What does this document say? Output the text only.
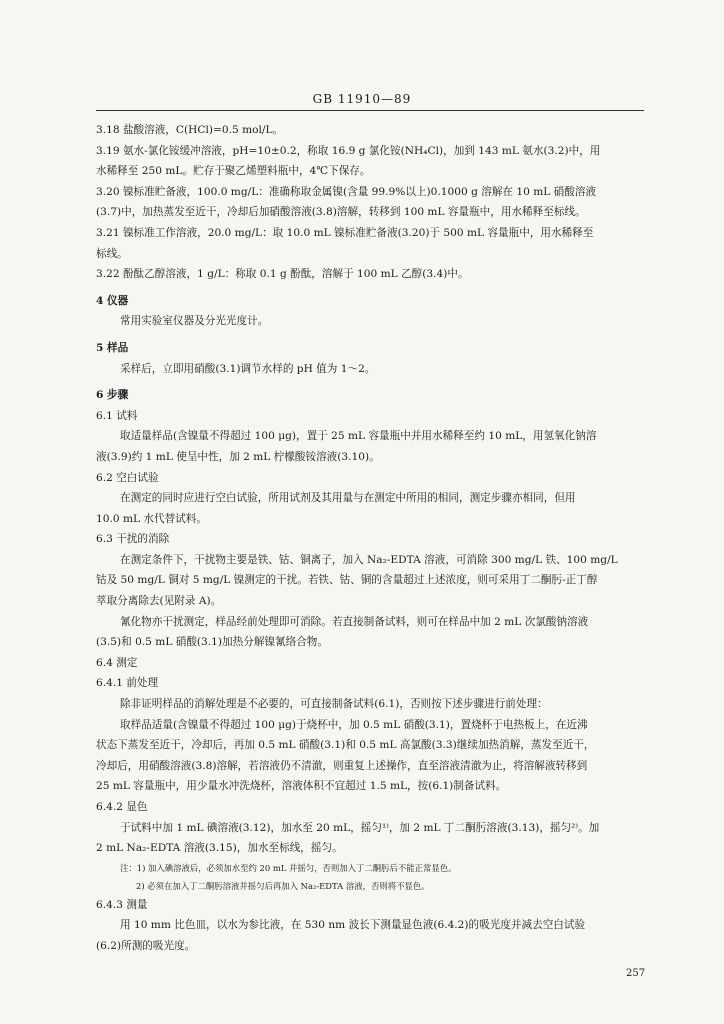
GB 11910—89
3.18 盐酸溶液，C(HCl)=0.5 mol/L。
3.19 氨水-氯化铵缓冲溶液，pH=10±0.2，称取 16.9 g 氯化铵(NH₄Cl)，加到 143 mL 氨水(3.2)中，用
水稀释至 250 mL。贮存于聚乙烯塑料瓶中，4℃下保存。
3.20 镍标准贮备液，100.0 mg/L：准确称取金属镍(含量 99.9%以上)0.1000 g 溶解在 10 mL 硝酸溶液
(3.7)中，加热蒸发至近干，冷却后加硝酸溶液(3.8)溶解，转移到 100 mL 容量瓶中，用水稀释至标线。
3.21 镍标准工作溶液，20.0 mg/L：取 10.0 mL 镍标准贮备液(3.20)于 500 mL 容量瓶中，用水稀释至
标线。
3.22 酚酞乙醇溶液，1 g/L：称取 0.1 g 酚酞，溶解于 100 mL 乙醇(3.4)中。
4 仪器
常用实验室仪器及分光光度计。
5 样品
采样后，立即用硝酸(3.1)调节水样的 pH 值为 1～2。
6 步骤
6.1 试料
取适量样品(含镍量不得超过 100 μg)，置于 25 mL 容量瓶中并用水稀释至约 10 mL，用氢氧化钠溶
液(3.9)约 1 mL 使呈中性，加 2 mL 柠檬酸铵溶液(3.10)。
6.2 空白试验
在测定的同时应进行空白试验，所用试剂及其用量与在测定中所用的相同，测定步骤亦相同，但用
10.0 mL 水代替试料。
6.3 干扰的消除
在测定条件下，干扰物主要是铁、钴、铜离子，加入 Na₂-EDTA 溶液，可消除 300 mg/L 铁、100 mg/L
钴及 50 mg/L 铜对 5 mg/L 镍测定的干扰。若铁、钴、铜的含量超过上述浓度，则可采用丁二酮肟-正丁醇
萃取分离除去(见附录 A)。
氰化物亦干扰测定，样品经前处理即可消除。若直接制备试料，则可在样品中加 2 mL 次氯酸钠溶液
(3.5)和 0.5 mL 硝酸(3.1)加热分解镍氰络合物。
6.4 测定
6.4.1 前处理
除非证明样品的消解处理是不必要的，可直接制备试料(6.1)，否则按下述步骤进行前处理：
取样品适量(含镍量不得超过 100 μg)于烧杯中，加 0.5 mL 硝酸(3.1)，置烧杯于电热板上，在近沸
状态下蒸发至近干，冷却后，再加 0.5 mL 硝酸(3.1)和 0.5 mL 高氯酸(3.3)继续加热消解，蒸发至近干，
冷却后，用硝酸溶液(3.8)溶解，若溶液仍不清澈，则重复上述操作，直至溶液清澈为止，将溶解液转移到
25 mL 容量瓶中，用少量水冲洗烧杯，溶液体积不宜超过 1.5 mL，按(6.1)制备试料。
6.4.2 显色
于试料中加 1 mL 碘溶液(3.12)，加水至 20 mL，摇匀¹⁾，加 2 mL 丁二酮肟溶液(3.13)，摇匀²⁾。加
2 mL Na₂-EDTA 溶液(3.15)，加水至标线，摇匀。
注：1) 加入碘溶液后，必须加水至约 20 mL 并摇匀，否则加入丁二酮肟后不能正常显色。
2) 必须在加入丁二酮肟溶液并摇匀后再加入 Na₂-EDTA 溶液，否则将不显色。
6.4.3 测量
用 10 mm 比色皿，以水为参比液，在 530 nm 波长下测量显色液(6.4.2)的吸光度并减去空白试验
(6.2)所测的吸光度。
257
